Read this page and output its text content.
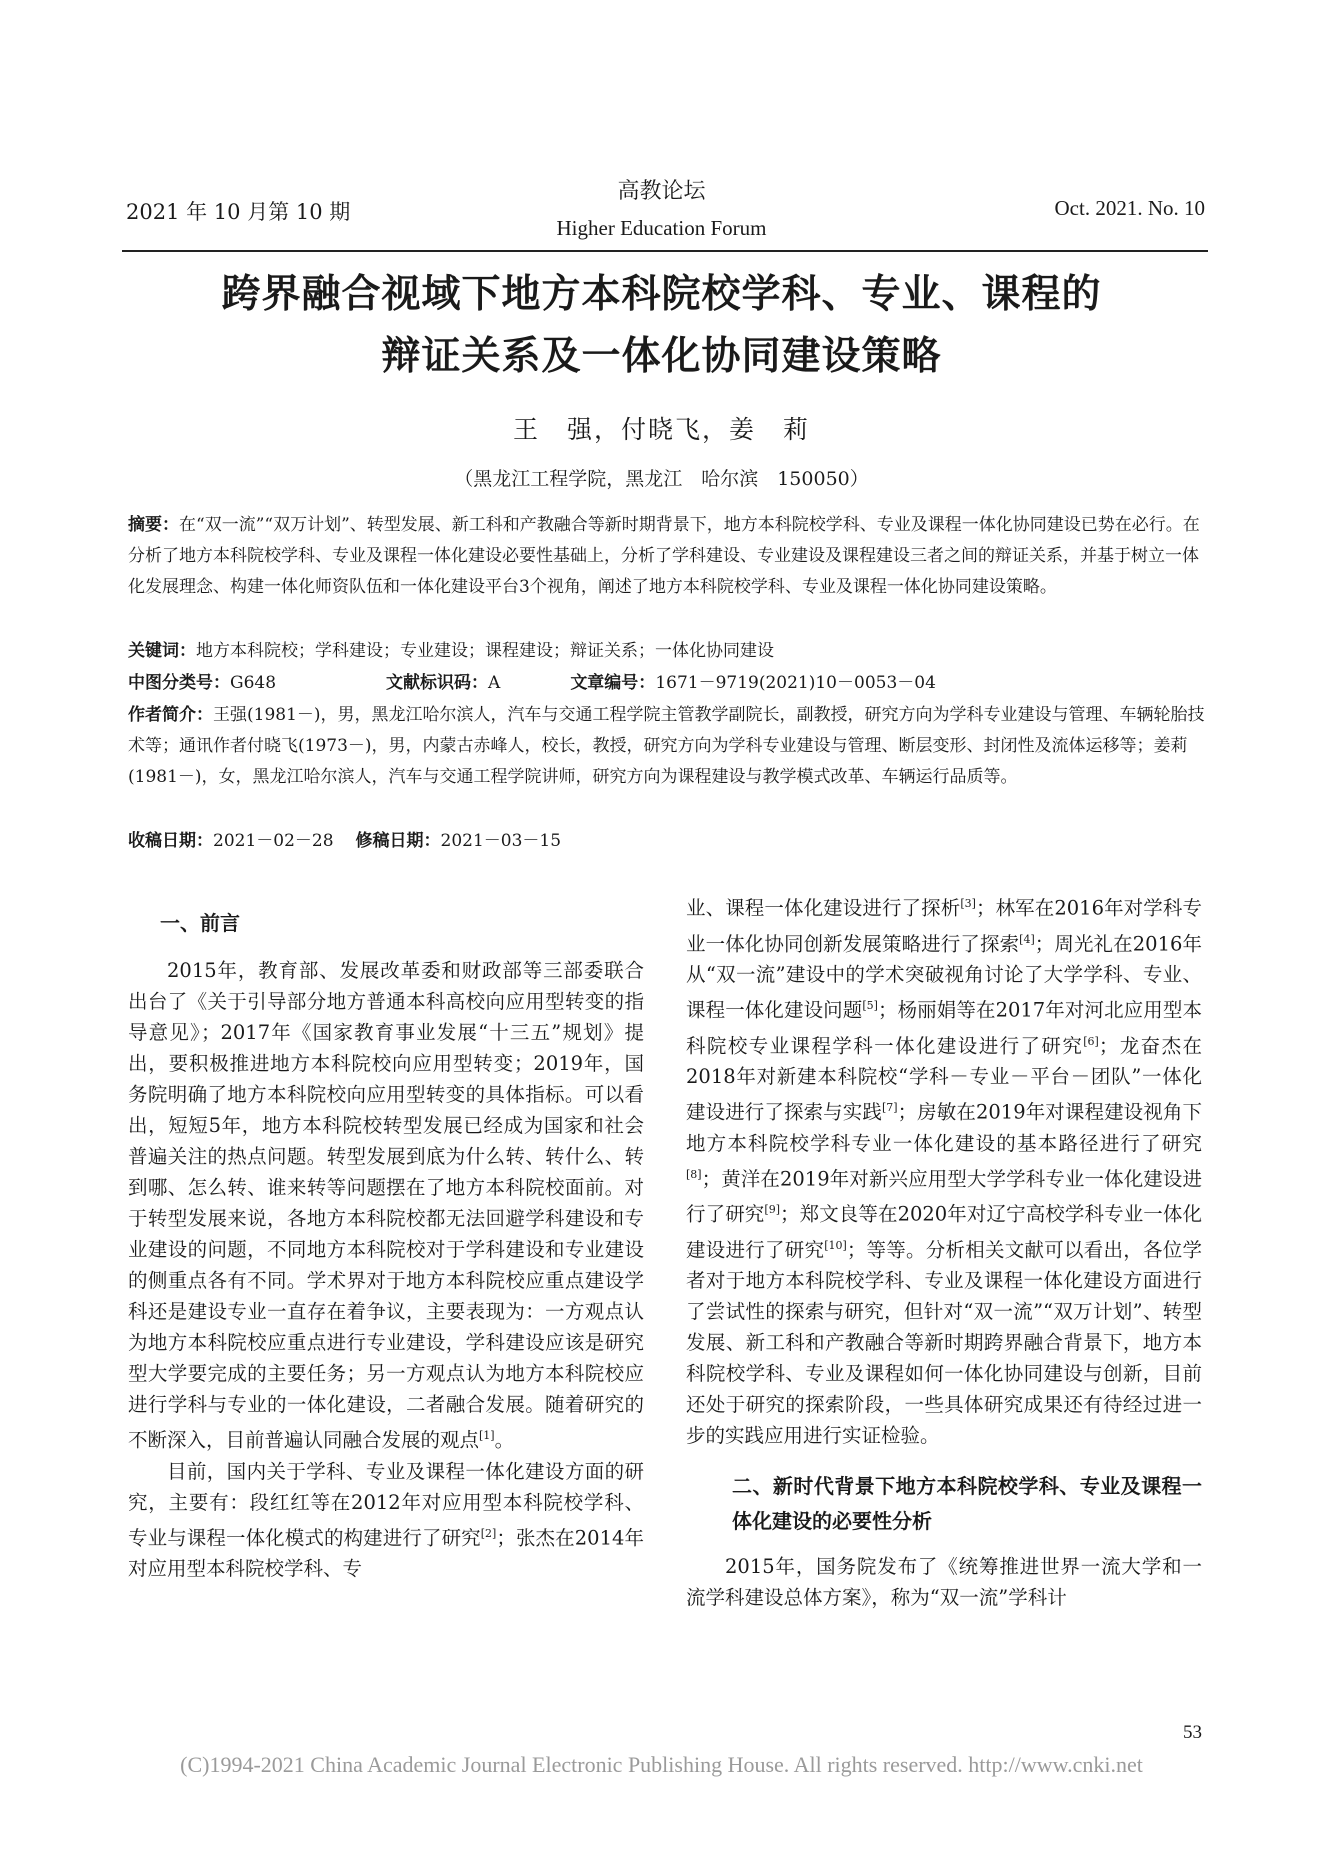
2021 年 10 月第 10 期
高教论坛
Higher Education Forum
Oct. 2021. No. 10
跨界融合视域下地方本科院校学科、专业、课程的
辩证关系及一体化协同建设策略
王　强，付晓飞，姜　莉
（黑龙江工程学院，黑龙江　哈尔滨　150050）
摘要：在“双一流”“双万计划”、转型发展、新工科和产教融合等新时期背景下，地方本科院校学科、专业及课程一体化协同建设已势在必行。在分析了地方本科院校学科、专业及课程一体化建设必要性基础上，分析了学科建设、专业建设及课程建设三者之间的辩证关系，并基于树立一体化发展理念、构建一体化师资队伍和一体化建设平台3个视角，阐述了地方本科院校学科、专业及课程一体化协同建设策略。
关键词：地方本科院校；学科建设；专业建设；课程建设；辩证关系；一体化协同建设
中图分类号：G648	文献标识码：A	文章编号：1671－9719(2021)10－0053－04
作者简介：王强(1981－)，男，黑龙江哈尔滨人，汽车与交通工程学院主管教学副院长，副教授，研究方向为学科专业建设与管理、车辆轮胎技术等；通讯作者付晓飞(1973－)，男，内蒙古赤峰人，校长，教授，研究方向为学科专业建设与管理、断层变形、封闭性及流体运移等；姜莉(1981－)，女，黑龙江哈尔滨人，汽车与交通工程学院讲师，研究方向为课程建设与教学模式改革、车辆运行品质等。
收稿日期：2021－02－28 修稿日期：2021－03－15

一、前言

2015年，教育部、发展改革委和财政部等三部委联合出台了《关于引导部分地方普通本科高校向应用型转变的指导意见》；2017年《国家教育事业发展“十三五”规划》提出，要积极推进地方本科院校向应用型转变；2019年，国务院明确了地方本科院校向应用型转变的具体指标。可以看出，短短5年，地方本科院校转型发展已经成为国家和社会普遍关注的热点问题。转型发展到底为什么转、转什么、转到哪、怎么转、谁来转等问题摆在了地方本科院校面前。对于转型发展来说，各地方本科院校都无法回避学科建设和专业建设的问题，不同地方本科院校对于学科建设和专业建设的侧重点各有不同。学术界对于地方本科院校应重点建设学科还是建设专业一直存在着争议，主要表现为：一方观点认为地方本科院校应重点进行专业建设，学科建设应该是研究型大学要完成的主要任务；另一方观点认为地方本科院校应进行学科与专业的一体化建设，二者融合发展。随着研究的不断深入，目前普遍认同融合发展的观点[1]。

目前，国内关于学科、专业及课程一体化建设方面的研究，主要有：段红红等在2012年对应用型本科院校学科、专业与课程一体化模式的构建进行了研究[2]；张杰在2014年对应用型本科院校学科、专

业、课程一体化建设进行了探析[3]；林军在2016年对学科专业一体化协同创新发展策略进行了探索[4]；周光礼在2016年从“双一流”建设中的学术突破视角讨论了大学学科、专业、课程一体化建设问题[5]；杨丽娟等在2017年对河北应用型本科院校专业课程学科一体化建设进行了研究[6]；龙奋杰在2018年对新建本科院校“学科－专业－平台－团队”一体化建设进行了探索与实践[7]；房敏在2019年对课程建设视角下地方本科院校学科专业一体化建设的基本路径进行了研究[8]；黄洋在2019年对新兴应用型大学学科专业一体化建设进行了研究[9]；郑文良等在2020年对辽宁高校学科专业一体化建设进行了研究[10]；等等。分析相关文献可以看出，各位学者对于地方本科院校学科、专业及课程一体化建设方面进行了尝试性的探索与研究，但针对“双一流”“双万计划”、转型发展、新工科和产教融合等新时期跨界融合背景下，地方本科院校学科、专业及课程如何一体化协同建设与创新，目前还处于研究的探索阶段，一些具体研究成果还有待经过进一步的实践应用进行实证检验。

二、新时代背景下地方本科院校学科、专业及课程一体化建设的必要性分析

2015年，国务院发布了《统筹推进世界一流大学和一流学科建设总体方案》，称为“双一流”学科计

53
(C)1994-2021 China Academic Journal Electronic Publishing House. All rights reserved. http://www.cnki.net
